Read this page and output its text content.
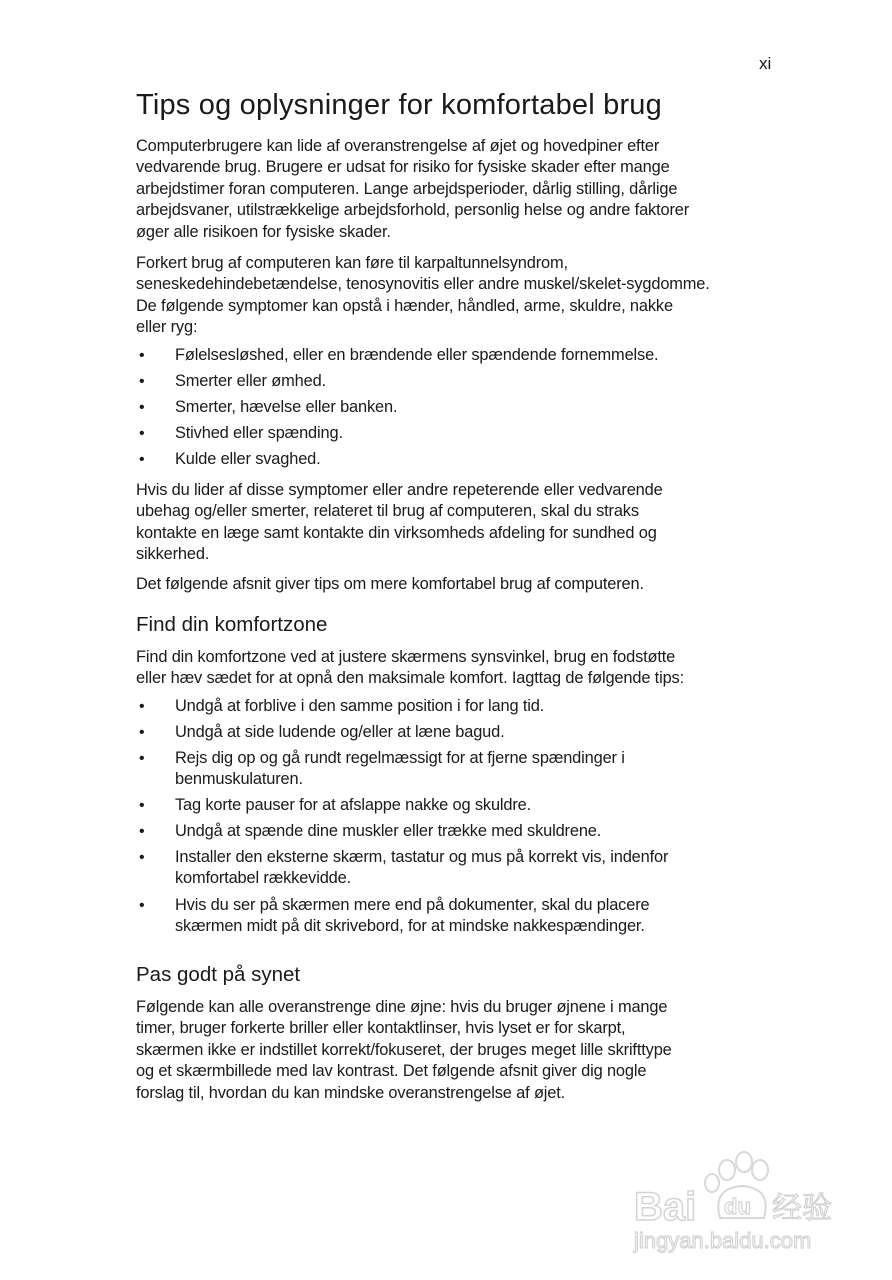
xi
Tips og oplysninger for komfortabel brug
Computerbrugere kan lide af overanstrengelse af øjet og hovedpiner efter
vedvarende brug. Brugere er udsat for risiko for fysiske skader efter mange
arbejdstimer foran computeren. Lange arbejdsperioder, dårlig stilling, dårlige
arbejdsvaner, utilstrækkelige arbejdsforhold, personlig helse og andre faktorer
øger alle risikoen for fysiske skader.
Forkert brug af computeren kan føre til karpaltunnelsyndrom,
seneskedehindebetændelse, tenosynovitis eller andre muskel/skelet-sygdomme.
De følgende symptomer kan opstå i hænder, håndled, arme, skuldre, nakke
eller ryg:
• Følelsesløshed, eller en brændende eller spændende fornemmelse.
• Smerter eller ømhed.
• Smerter, hævelse eller banken.
• Stivhed eller spænding.
• Kulde eller svaghed.
Hvis du lider af disse symptomer eller andre repeterende eller vedvarende
ubehag og/eller smerter, relateret til brug af computeren, skal du straks
kontakte en læge samt kontakte din virksomheds afdeling for sundhed og
sikkerhed.
Det følgende afsnit giver tips om mere komfortabel brug af computeren.
Find din komfortzone
Find din komfortzone ved at justere skærmens synsvinkel, brug en fodstøtte
eller hæv sædet for at opnå den maksimale komfort. Iagttag de følgende tips:
• Undgå at forblive i den samme position i for lang tid.
• Undgå at side ludende og/eller at læne bagud.
• Rejs dig op og gå rundt regelmæssigt for at fjerne spændinger i
benmuskulaturen.
• Tag korte pauser for at afslappe nakke og skuldre.
• Undgå at spænde dine muskler eller trække med skuldrene.
• Installer den eksterne skærm, tastatur og mus på korrekt vis, indenfor
komfortabel rækkevidde.
• Hvis du ser på skærmen mere end på dokumenter, skal du placere
skærmen midt på dit skrivebord, for at mindske nakkespændinger.
Pas godt på synet
Følgende kan alle overanstrenge dine øjne: hvis du bruger øjnene i mange
timer, bruger forkerte briller eller kontaktlinser, hvis lyset er for skarpt,
skærmen ikke er indstillet korrekt/fokuseret, der bruges meget lille skrifttype
og et skærmbillede med lav kontrast. Det følgende afsnit giver dig nogle
forslag til, hvordan du kan mindske overanstrengelse af øjet.
Bai du 经验
jingyan.baidu.com
